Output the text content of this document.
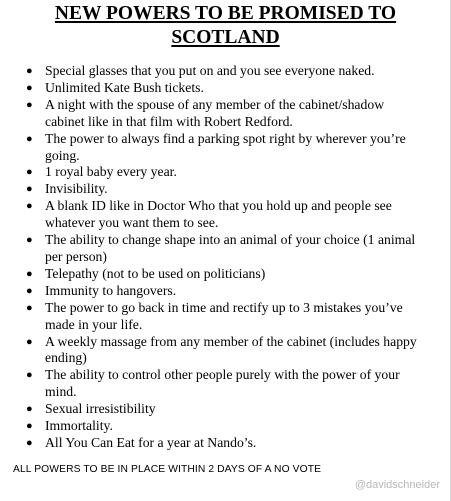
NEW POWERS TO BE PROMISED TO
SCOTLAND
● Special glasses that you put on and you see everyone naked.
● Unlimited Kate Bush tickets.
● A night with the spouse of any member of the cabinet/shadow cabinet like in that film with Robert Redford.
● The power to always find a parking spot right by wherever you’re going.
● 1 royal baby every year.
● Invisibility.
● A blank ID like in Doctor Who that you hold up and people see whatever you want them to see.
● The ability to change shape into an animal of your choice (1 animal per person)
● Telepathy (not to be used on politicians)
● Immunity to hangovers.
● The power to go back in time and rectify up to 3 mistakes you’ve made in your life.
● A weekly massage from any member of the cabinet (includes happy ending)
● The ability to control other people purely with the power of your mind.
● Sexual irresistibility
● Immortality.
● All You Can Eat for a year at Nando’s.
ALL POWERS TO BE IN PLACE WITHIN 2 DAYS OF A NO VOTE
@davidschneider
